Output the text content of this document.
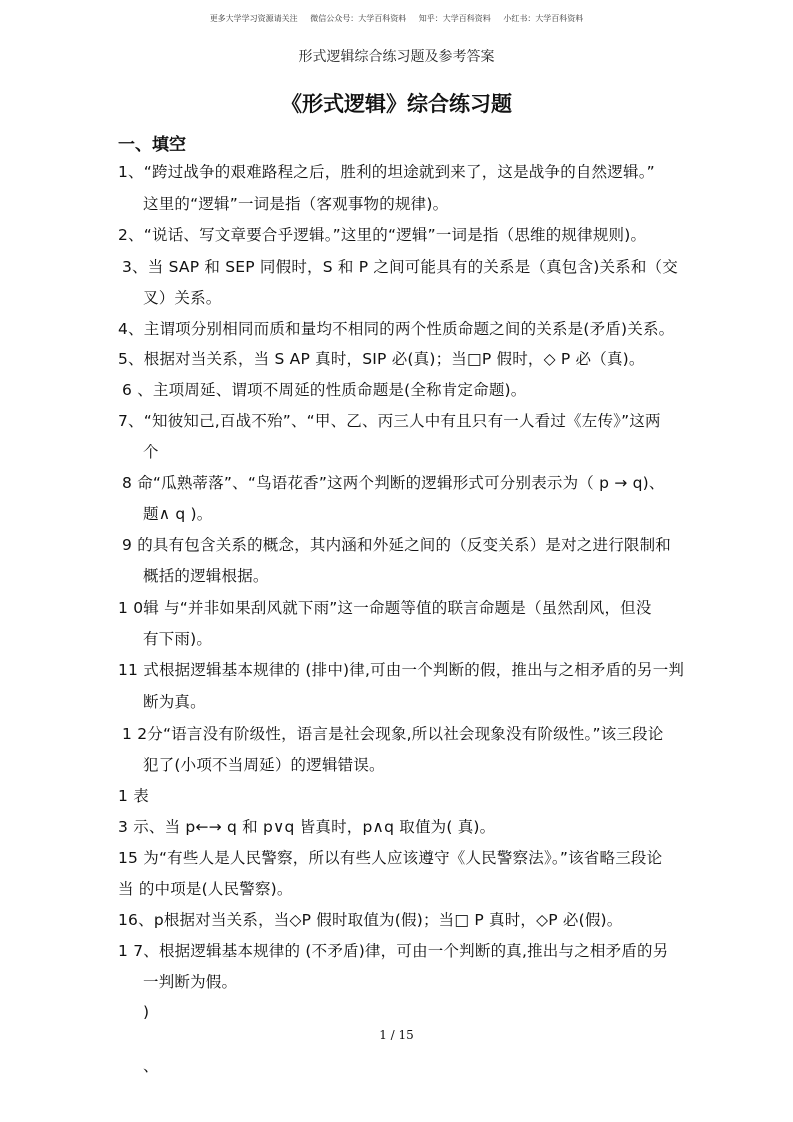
更多大学学习资源请关注 微信公众号：大学百科资料 知乎：大学百科资料 小红书：大学百科资料
形式逻辑综合练习题及参考答案
《形式逻辑》综合练习题
一、填空
1、“跨过战争的艰难路程之后，胜利的坦途就到来了，这是战争的自然逻辑。”
这里的“逻辑”一词是指（客观事物的规律)。
2、“说话、写文章要合乎逻辑。”这里的“逻辑”一词是指（思维的规律规则)。
3、当 SAP 和 SEP 同假时，S 和 P 之间可能具有的关系是（真包含)关系和（交
叉）关系。
4、主谓项分别相同而质和量均不相同的两个性质命题之间的关系是(矛盾)关系。
5、根据对当关系，当 S AP 真时，SIP 必(真)；当□P 假时，◇ P 必（真)。
6 、主项周延、谓项不周延的性质命题是(全称肯定命题)。
7、“知彼知己,百战不殆”、“甲、乙、丙三人中有且只有一人看过《左传》”这两
个
8 命“瓜熟蒂落”、“鸟语花香”这两个判断的逻辑形式可分别表示为（ p → q)、
题∧ q )。
9 的具有包含关系的概念，其内涵和外延之间的（反变关系）是对之进行限制和
概括的逻辑根据。
1 0辑 与“并非如果刮风就下雨”这一命题等值的联言命题是（虽然刮风，但没
有下雨)。
11 式根据逻辑基本规律的 (排中)律,可由一个判断的假，推出与之相矛盾的另一判
断为真。
1 2分“语言没有阶级性，语言是社会现象,所以社会现象没有阶级性。”该三段论
犯了(小项不当周延）的逻辑错误。
1 表
3 示、当 p←→ q 和 p∨q 皆真时，p∧q 取值为( 真)。
15 为“有些人是人民警察，所以有些人应该遵守《人民警察法》。”该省略三段论
当 的中项是(人民警察)。
16、p根据对当关系，当◇P 假时取值为(假)；当□ P 真时，◇P 必(假)。
1 7、根据逻辑基本规律的 (不矛盾)律，可由一个判断的真,推出与之相矛盾的另
一判断为假。
)
、
1 / 15
